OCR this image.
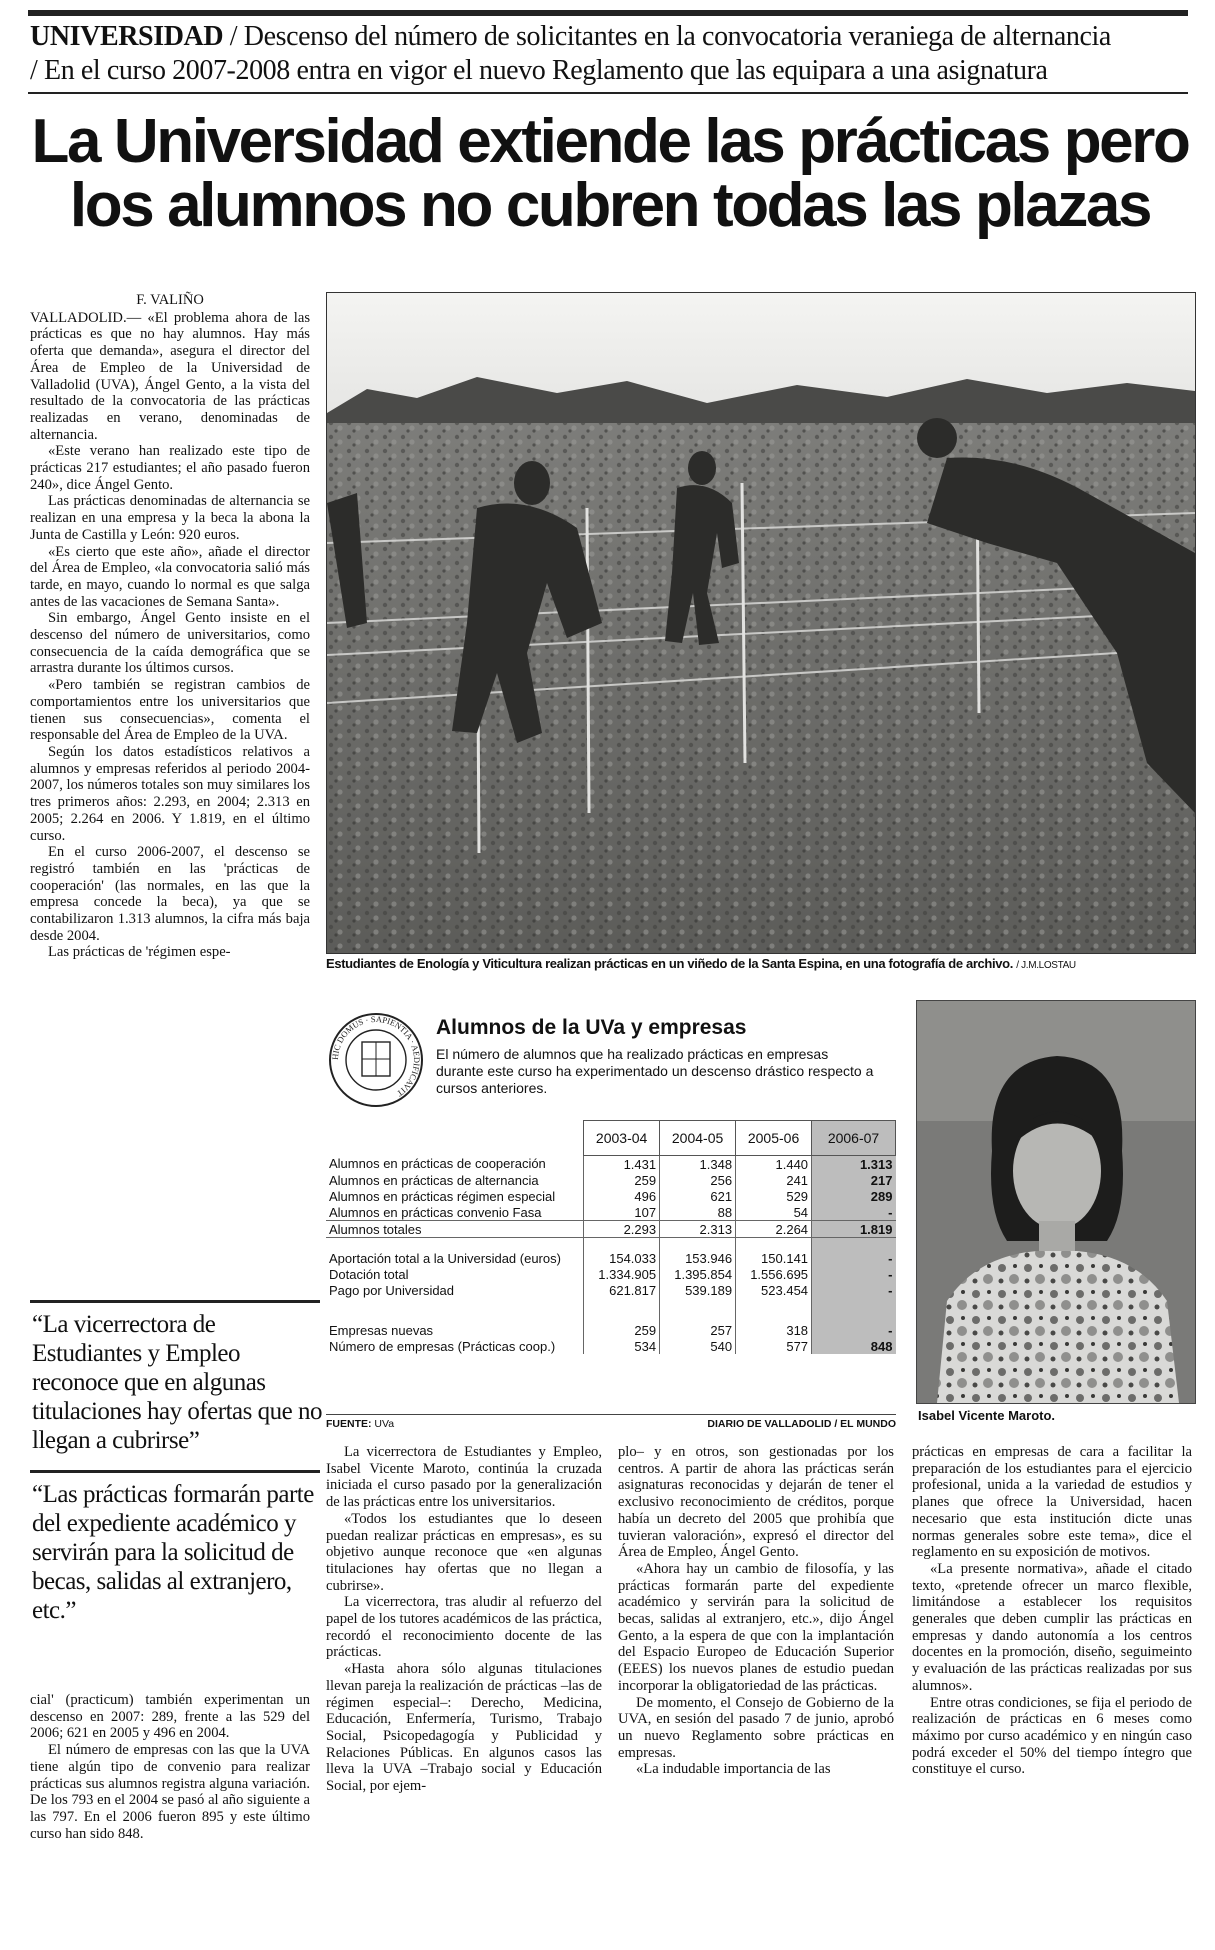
UNIVERSIDAD / Descenso del número de solicitantes en la convocatoria veraniega de alternancia
/ En el curso 2007-2008 entra en vigor el nuevo Reglamento que las equipara a una asignatura
La Universidad extiende las prácticas pero
los alumnos no cubren todas las plazas
F. VALIÑO

VALLADOLID.— «El problema ahora de las prácticas es que no hay alumnos. Hay más oferta que demanda», asegura el director del Área de Empleo de la Universidad de Valladolid (UVA), Ángel Gento, a la vista del resultado de la convocatoria de las prácticas realizadas en verano, denominadas de alternancia.

«Este verano han realizado este tipo de prácticas 217 estudiantes; el año pasado fueron 240», dice Ángel Gento.

Las prácticas denominadas de alternancia se realizan en una empresa y la beca la abona la Junta de Castilla y León: 920 euros.

«Es cierto que este año», añade el director del Área de Empleo, «la convocatoria salió más tarde, en mayo, cuando lo normal es que salga antes de las vacaciones de Semana Santa».

Sin embargo, Ángel Gento insiste en el descenso del número de universitarios, como consecuencia de la caída demográfica que se arrastra durante los últimos cursos.

«Pero también se registran cambios de comportamientos entre los universitarios que tienen sus consecuencias», comenta el responsable del Área de Empleo de la UVA.

Según los datos estadísticos relativos a alumnos y empresas referidos al periodo 2004-2007, los números totales son muy similares los tres primeros años: 2.293, en 2004; 2.313 en 2005; 2.264 en 2006. Y 1.819, en el último curso.

En el curso 2006-2007, el descenso se registró también en las 'prácticas de cooperación' (las normales, en las que la empresa concede la beca), ya que se contabilizaron 1.313 alumnos, la cifra más baja desde 2004.

Las prácticas de 'régimen espe-

“La vicerrectora de Estudiantes y Empleo reconoce que en algunas titulaciones hay ofertas que no llegan a cubrirse”
“Las prácticas formarán parte del expediente académico y servirán para la solicitud de becas, salidas al extranjero, etc.”

cial' (practicum) también experimentan un descenso en 2007: 289, frente a las 529 del 2006; 621 en 2005 y 496 en 2004.

El número de empresas con las que la UVA tiene algún tipo de convenio para realizar prácticas sus alumnos registra alguna variación. De los 793 en el 2004 se pasó al año siguiente a las 797. En el 2006 fueron 895 y este último curso han sido 848.

Estudiantes de Enología y Viticultura realizan prácticas en un viñedo de la Santa Espina, en una fotografía de archivo. / J.M.LOSTAU
HIC DOMUS · SAPIENTIA · AEDIFICAVIT
Alumnos de la UVa y empresas
El número de alumnos que ha realizado prácticas en empresas durante este curso ha experimentado un descenso drástico respecto a cursos anteriores.
	2003-04	2004-05	2005-06	2006-07
Alumnos en prácticas de cooperación	1.431	1.348	1.440	1.313
Alumnos en prácticas de alternancia	259	256	241	217
Alumnos en prácticas régimen especial	496	621	529	289
Alumnos en prácticas convenio Fasa	107	88	54	-
Alumnos totales	2.293	2.313	2.264	1.819

Aportación total a la Universidad (euros)	154.033	153.946	150.141	-
Dotación total	1.334.905	1.395.854	1.556.695	-
Pago por Universidad	621.817	539.189	523.454	-

Empresas nuevas	259	257	318	-
Número de empresas (Prácticas coop.)	534	540	577	848
FUENTE: UVa	DIARIO DE VALLADOLID / EL MUNDO
Isabel Vicente Maroto.

La vicerrectora de Estudiantes y Empleo, Isabel Vicente Maroto, continúa la cruzada iniciada el curso pasado por la generalización de las prácticas entre los universitarios.

«Todos los estudiantes que lo deseen puedan realizar prácticas en empresas», es su objetivo aunque reconoce que «en algunas titulaciones hay ofertas que no llegan a cubrirse».

La vicerrectora, tras aludir al refuerzo del papel de los tutores académicos de las práctica, recordó el reconocimiento docente de las prácticas.

«Hasta ahora sólo algunas titulaciones llevan pareja la realización de prácticas –las de régimen especial–: Derecho, Medicina, Educación, Enfermería, Turismo, Trabajo Social, Psicopedagogía y Publicidad y Relaciones Públicas. En algunos casos las lleva la UVA –Trabajo social y Educación Social, por ejem-

plo– y en otros, son gestionadas por los centros. A partir de ahora las prácticas serán asignaturas reconocidas y dejarán de tener el exclusivo reconocimiento de créditos, porque había un decreto del 2005 que prohibía que tuvieran valoración», expresó el director del Área de Empleo, Ángel Gento.

«Ahora hay un cambio de filosofía, y las prácticas formarán parte del expediente académico y servirán para la solicitud de becas, salidas al extranjero, etc.», dijo Ángel Gento, a la espera de que con la implantación del Espacio Europeo de Educación Superior (EEES) los nuevos planes de estudio puedan incorporar la obligatoriedad de las prácticas.

De momento, el Consejo de Gobierno de la UVA, en sesión del pasado 7 de junio, aprobó un nuevo Reglamento sobre prácticas en empresas.

«La indudable importancia de las

prácticas en empresas de cara a facilitar la preparación de los estudiantes para el ejercicio profesional, unida a la variedad de estudios y planes que ofrece la Universidad, hacen necesario que esta institución dicte unas normas generales sobre este tema», dice el reglamento en su exposición de motivos.

«La presente normativa», añade el citado texto, «pretende ofrecer un marco flexible, limitándose a establecer los requisitos generales que deben cumplir las prácticas en empresas y dando autonomía a los centros docentes en la promoción, diseño, seguimeinto y evaluación de las prácticas realizadas por sus alumnos».

Entre otras condiciones, se fija el periodo de realización de prácticas en 6 meses como máximo por curso académico y en ningún caso podrá exceder el 50% del tiempo íntegro que constituye el curso.
